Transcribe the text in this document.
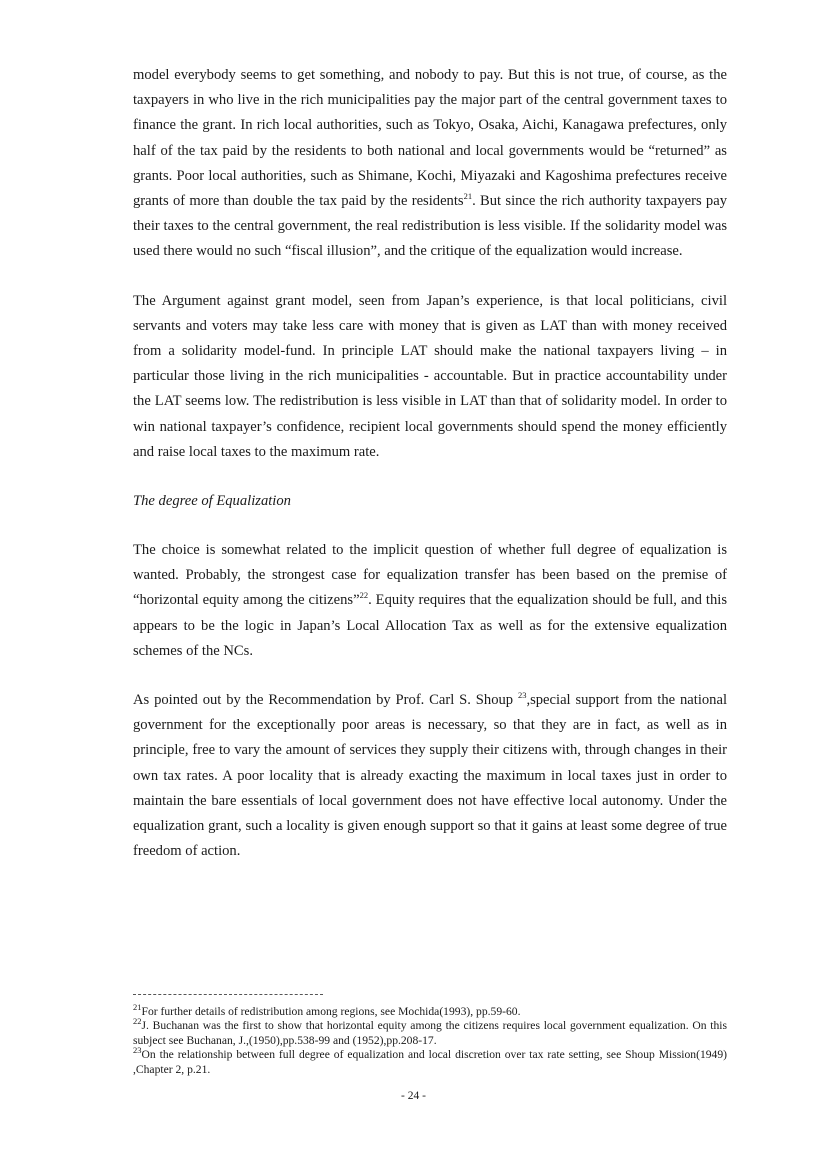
model everybody seems to get something, and nobody to pay. But this is not true, of course, as the taxpayers in who live in the rich municipalities pay the major part of the central government taxes to finance the grant. In rich local authorities, such as Tokyo, Osaka, Aichi, Kanagawa prefectures, only half of the tax paid by the residents to both national and local governments would be “returned” as grants. Poor local authorities, such as Shimane, Kochi, Miyazaki and Kagoshima prefectures receive grants of more than double the tax paid by the residents$^{21}$. But since the rich authority taxpayers pay their taxes to the central government, the real redistribution is less visible. If the solidarity model was used there would no such “fiscal illusion”, and the critique of the equalization would increase.

The Argument against grant model, seen from Japan’s experience, is that local politicians, civil servants and voters may take less care with money that is given as LAT than with money received from a solidarity model-fund. In principle LAT should make the national taxpayers living – in particular those living in the rich municipalities - accountable. But in practice accountability under the LAT seems low. The redistribution is less visible in LAT than that of solidarity model. In order to win national taxpayer’s confidence, recipient local governments should spend the money efficiently and raise local taxes to the maximum rate.

The degree of Equalization

The choice is somewhat related to the implicit question of whether full degree of equalization is wanted. Probably, the strongest case for equalization transfer has been based on the premise of “horizontal equity among the citizens”$^{22}$. Equity requires that the equalization should be full, and this appears to be the logic in Japan’s Local Allocation Tax as well as for the extensive equalization schemes of the NCs.

As pointed out by the Recommendation by Prof. Carl S. Shoup $^{23}$,special support from the national government for the exceptionally poor areas is necessary, so that they are in fact, as well as in principle, free to vary the amount of services they supply their citizens with, through changes in their own tax rates. A poor locality that is already exacting the maximum in local taxes just in order to maintain the bare essentials of local government does not have effective local autonomy. Under the equalization grant, such a locality is given enough support so that it gains at least some degree of true freedom of action.

$^{21}$For further details of redistribution among regions, see Mochida(1993), pp.59-60.

$^{22}$J. Buchanan was the first to show that horizontal equity among the citizens requires local government equalization. On this subject see Buchanan, J.,(1950),pp.538-99 and (1952),pp.208-17.

$^{23}$On the relationship between full degree of equalization and local discretion over tax rate setting, see Shoup Mission(1949) ,Chapter 2, p.21.

- 24 -
